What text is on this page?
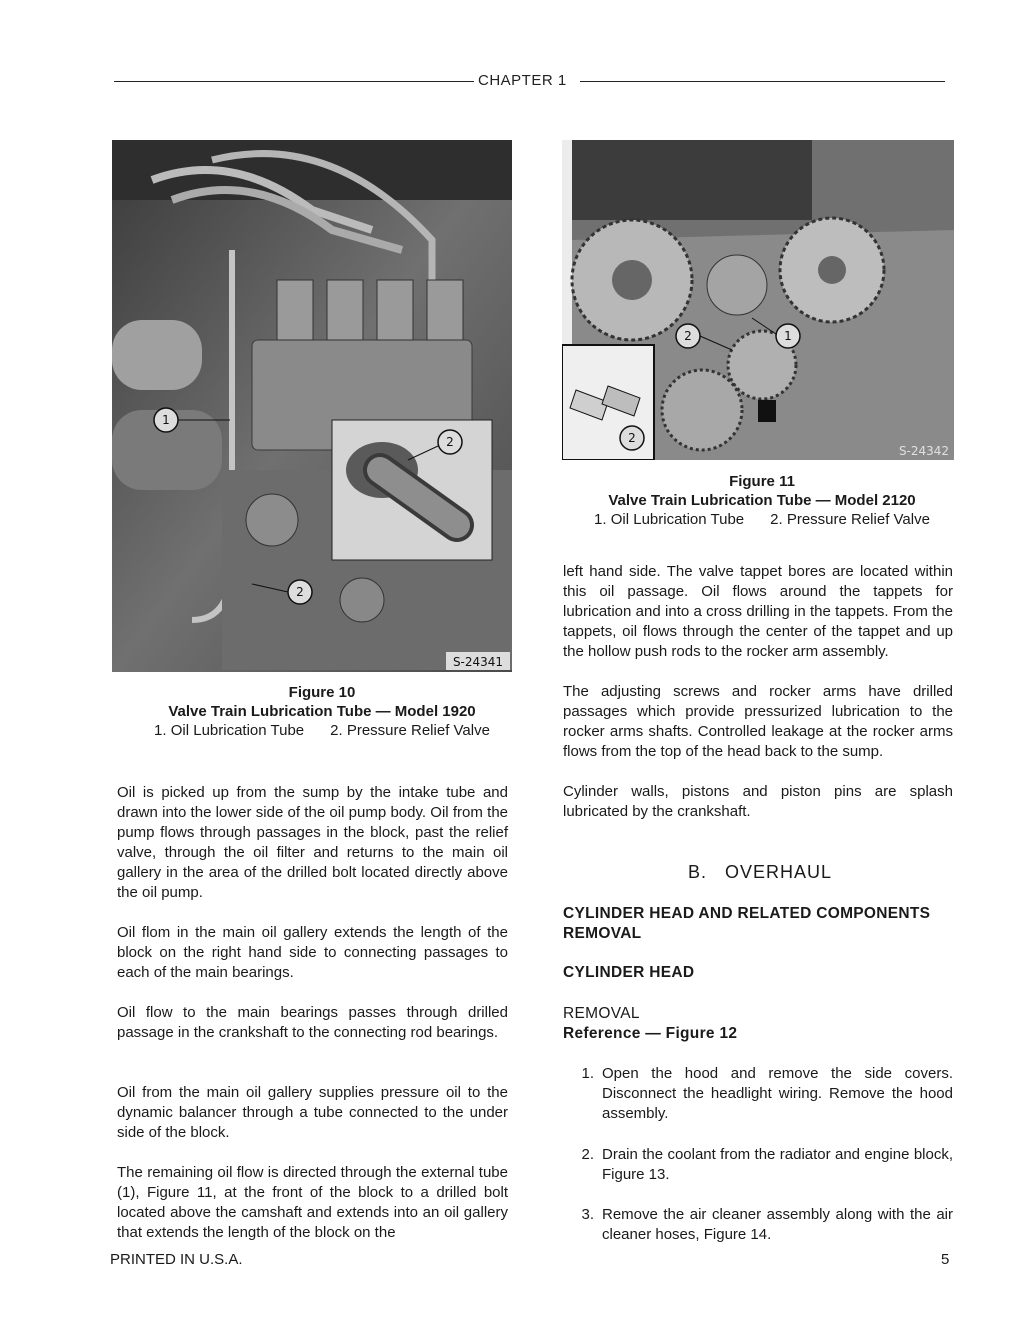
CHAPTER 1
1
2
2
S-24341
Figure 10
Valve Train Lubrication Tube — Model 1920
1. Oil Lubrication Tube 2. Pressure Relief Valve
2	1
2
S-24342
Figure 11
Valve Train Lubrication Tube — Model 2120
1. Oil Lubrication Tube 2. Pressure Relief Valve

Oil is picked up from the sump by the intake tube and drawn into the lower side of the oil pump body. Oil from the pump flows through passages in the block, past the relief valve, through the oil filter and returns to the main oil gallery in the area of the drilled bolt located directly above the oil pump.

Oil flom in the main oil gallery extends the length of the block on the right hand side to connecting passages to each of the main bearings.

Oil flow to the main bearings passes through drilled passage in the crankshaft to the connecting rod bearings.

Oil from the main oil gallery supplies pressure oil to the dynamic balancer through a tube connected to the under side of the block.

The remaining oil flow is directed through the external tube (1), Figure 11, at the front of the block to a drilled bolt located above the camshaft and extends into an oil gallery that extends the length of the block on the

left hand side. The valve tappet bores are located within this oil passage. Oil flows around the tappets for lubrication and into a cross drilling in the tappets. From the tappets, oil flows through the center of the tappet and up the hollow push rods to the rocker arm assembly.

The adjusting screws and rocker arms have drilled passages which provide pressurized lubrication to the rocker arms shafts. Controlled leakage at the rocker arms flows from the top of the head back to the sump.

Cylinder walls, pistons and piston pins are splash lubricated by the crankshaft.

B.   OVERHAUL

CYLINDER HEAD AND RELATED COMPONENTS REMOVAL

CYLINDER HEAD

REMOVAL

Reference — Figure 12

1. Open the hood and remove the side covers. Disconnect the headlight wiring. Remove the hood assembly.
2. Drain the coolant from the radiator and engine block, Figure 13.
3. Remove the air cleaner assembly along with the air cleaner hoses, Figure 14.
PRINTED IN U.S.A.	5
